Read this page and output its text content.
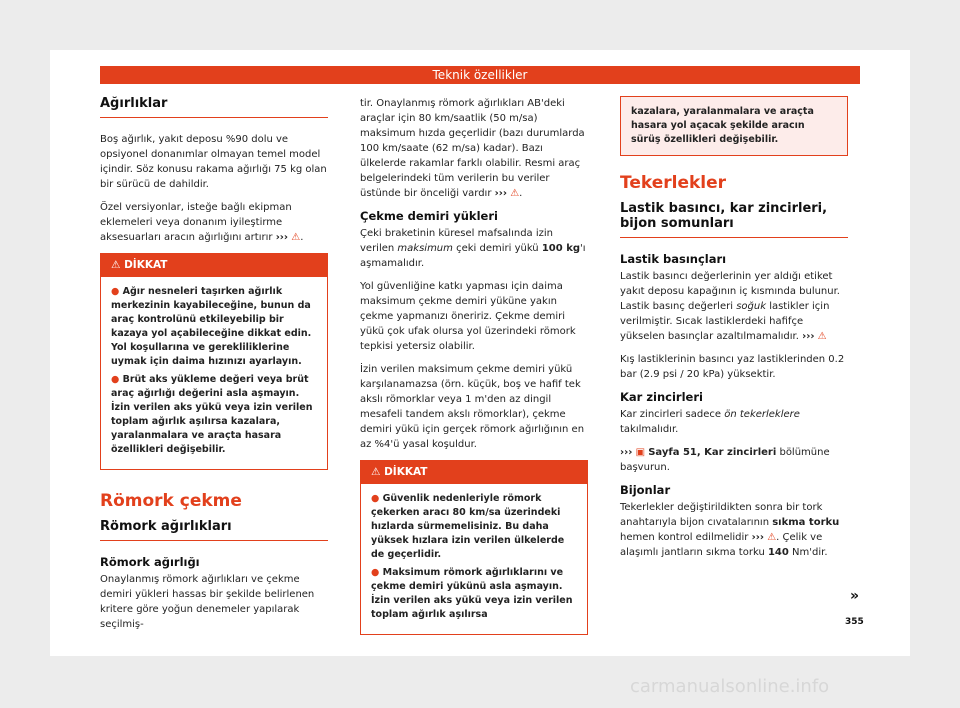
Teknik özellikler
Ağırlıklar

Boş ağırlık, yakıt deposu %90 dolu ve opsiyonel donanımlar olmayan temel model içindir. Söz konusu rakama ağırlığı 75 kg olan bir sürücü de dahildir.

Özel versiyonlar, isteğe bağlı ekipman eklemeleri veya donanım iyileştirme aksesuarları aracın ağırlığını artırır ››› ⚠.

⚠ DİKKAT

● Ağır nesneleri taşırken ağırlık merkezinin kayabileceğine, bunun da araç kontrolünü etkileyebilip bir kazaya yol açabileceğine dikkat edin. Yol koşullarına ve gerekliliklerine uymak için daima hızınızı ayarlayın.

● Brüt aks yükleme değeri veya brüt araç ağırlığı değerini asla aşmayın. İzin verilen aks yükü veya izin verilen toplam ağırlık aşılırsa kazalara, yaralanmalara ve araçta hasara özellikleri değişebilir.

Römork çekme
Römork ağırlıkları
Römork ağırlığı

Onaylanmış römork ağırlıkları ve çekme demiri yükleri hassas bir şekilde belirlenen kriterе göre yoğun denemeler yapılarak seçilmiş-

tir. Onaylanmış römork ağırlıkları AB'deki araçlar için 80 km/saatlik (50 m/sa) maksimum hızda geçerlidir (bazı durumlarda 100 km/saate (62 m/sa) kadar). Bazı ülkelerde rakamlar farklı olabilir. Resmi araç belgelerindeki tüm verilerin bu veriler üstünde bir önceliği vardır ››› ⚠.

Çekme demiri yükleri

Çeki braketinin küresel mafsalında izin verilen maksimum çeki demiri yükü 100 kg'ı aşmamalıdır.

Yol güvenliğine katkı yapması için daima maksimum çekme demiri yüküne yakın çekme yapmanızı öneririz. Çekme demiri yükü çok ufak olursa yol üzerindeki römork tepkisi yetersiz olabilir.

İzin verilen maksimum çekme demiri yükü karşılanamazsa (örn. küçük, boş ve hafif tek akslı römorklar veya 1 m'den az dingil mesafeli tandem akslı römorklar), çekme demiri yükü için gerçek römork ağırlığının en az %4'ü yasal koşuldur.

⚠ DİKKAT

● Güvenlik nedenleriyle römork çekerken aracı 80 km/sa üzerindeki hızlarda sürmemelisiniz. Bu daha yüksek hızlara izin verilen ülkelerde de geçerlidir.

● Maksimum römork ağırlıklarını ve çekme demiri yükünü asla aşmayın. İzin verilen aks yükü veya izin verilen toplam ağırlık aşılırsa

kazalara, yaralanmalara ve araçta hasara yol açacak şekilde aracın sürüş özellikleri değişebilir.
Tekerlekler
Lastik basıncı, kar zincirleri, bijon somunları
Lastik basınçları

Lastik basıncı değerlerinin yer aldığı etiket yakıt deposu kapağının iç kısmında bulunur. Lastik basınç değerleri soğuk lastikler için verilmiştir. Sıcak lastiklerdeki hafifçe yükselen basınçlar azaltılmamalıdır. ››› ⚠

Kış lastiklerinin basıncı yaz lastiklerinden 0.2 bar (2.9 psi / 20 kPa) yüksektir.

Kar zincirleri

Kar zincirleri sadece ön tekerleklere takılmalıdır.

››› ▣ Sayfa 51, Kar zincirleri bölümüne başvurun.

Bijonlar

Tekerlekler değiştirildikten sonra bir tork anahtarıyla bijon cıvatalarının sıkma torku hemen kontrol edilmelidir ››› ⚠. Çelik ve alaşımlı jantların sıkma torku 140 Nm'dir.

»
355
carmanualsonline.info
